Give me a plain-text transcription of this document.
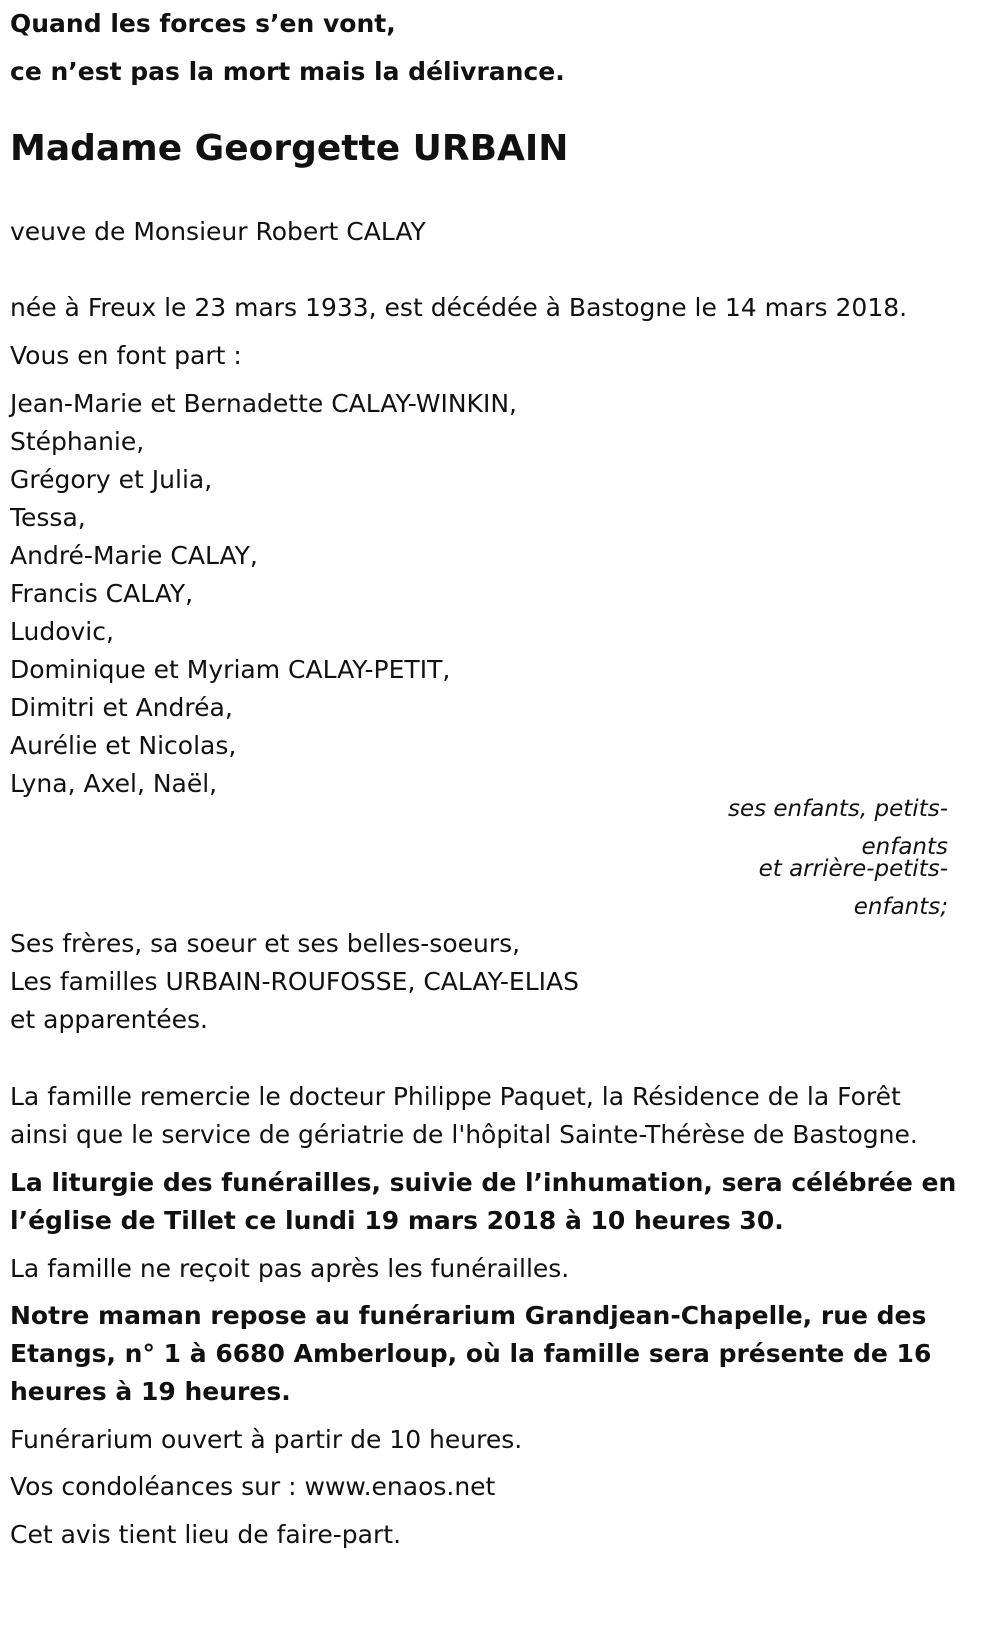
Quand les forces s’en vont,
ce n’est pas la mort mais la délivrance.
Madame Georgette URBAIN
veuve de Monsieur Robert CALAY
née à Freux le 23 mars 1933, est décédée à Bastogne le 14 mars 2018.
Vous en font part :
Jean-Marie et Bernadette CALAY-WINKIN,
Stéphanie,
Grégory et Julia,
Tessa,
André-Marie CALAY,
Francis CALAY,
Ludovic,
Dominique et Myriam CALAY-PETIT,
Dimitri et Andréa,
Aurélie et Nicolas,
Lyna, Axel, Naël,
ses enfants, petits-
enfants
et arrière-petits-
enfants;
Ses frères, sa soeur et ses belles-soeurs,
Les familles URBAIN-ROUFOSSE, CALAY-ELIAS
et apparentées.
La famille remercie le docteur Philippe Paquet, la Résidence de la Forêt
ainsi que le service de gériatrie de l'hôpital Sainte-Thérèse de Bastogne.
La liturgie des funérailles, suivie de l’inhumation, sera célébrée en
l’église de Tillet ce lundi 19 mars 2018 à 10 heures 30.
La famille ne reçoit pas après les funérailles.
Notre maman repose au funérarium Grandjean-Chapelle, rue des
Etangs, n° 1 à 6680 Amberloup, où la famille sera présente de 16
heures à 19 heures.
Funérarium ouvert à partir de 10 heures.
Vos condoléances sur : www.enaos.net
Cet avis tient lieu de faire-part.
